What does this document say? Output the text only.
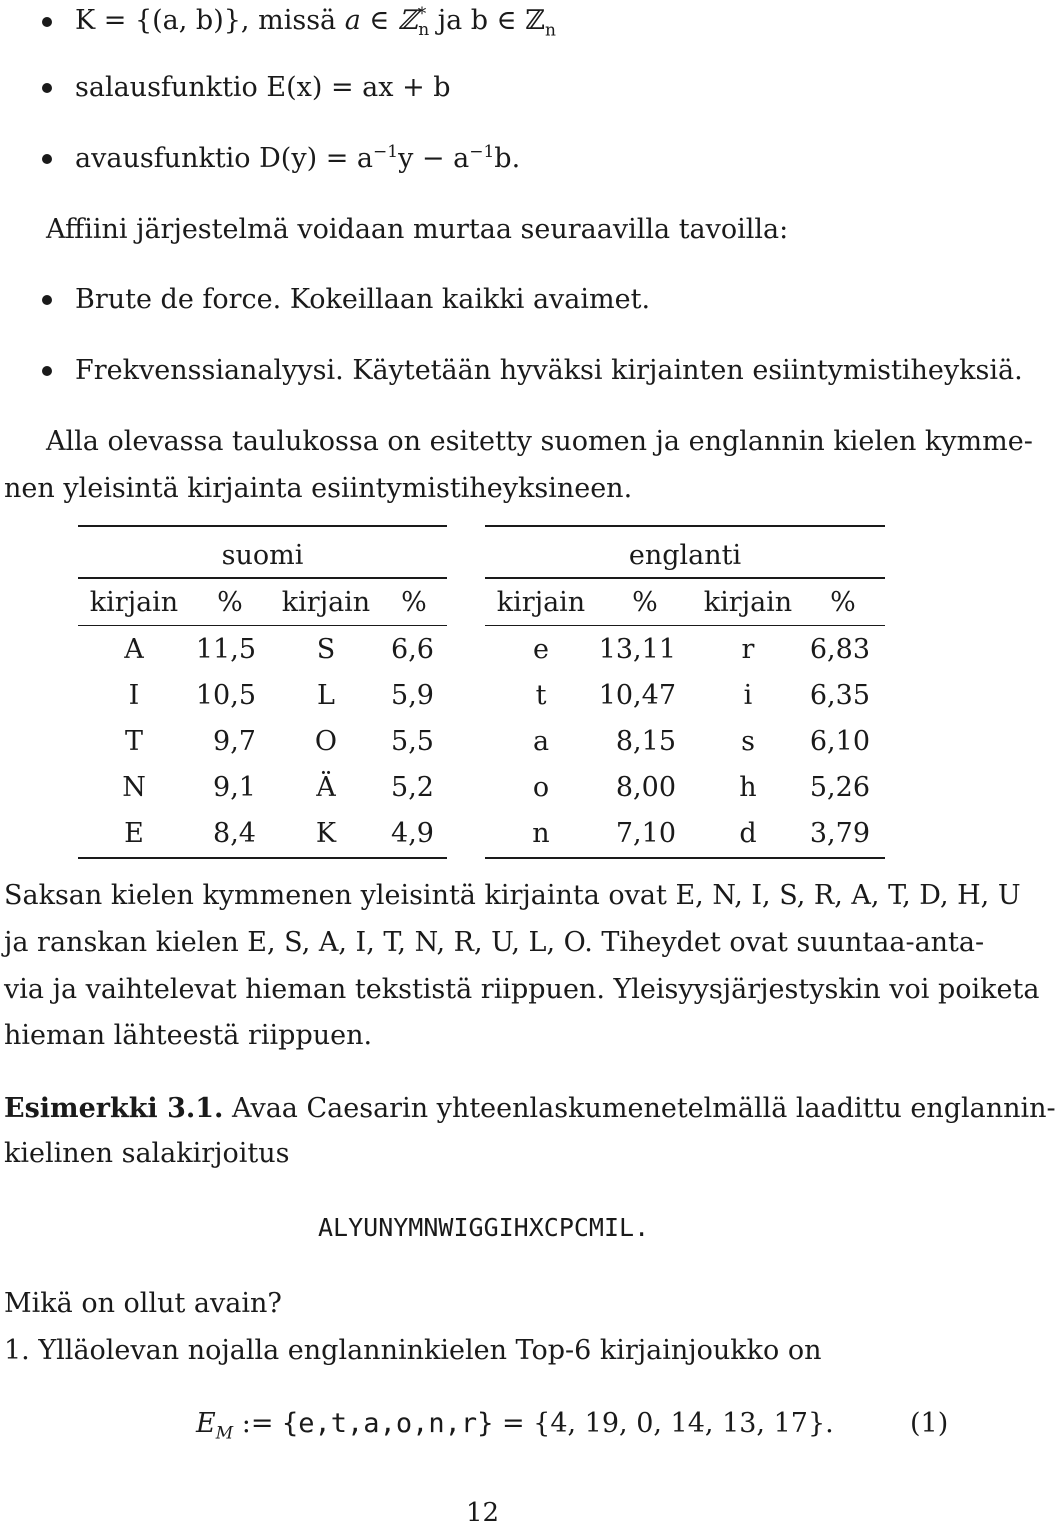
K = {(a, b)}, missä a ∈ ℤ*$_n$ ja b ∈ ℤ$_n$
salausfunktio E(x) = ax + b
avausfunktio $D(y) = a^{-1}y - a^{-1}b$.
Affiini järjestelmä voidaan murtaa seuraavilla tavoilla:
Brute de force. Kokeillaan kaikki avaimet.
Frekvenssianalyysi. Käytetään hyväksi kirjainten esiintymistiheyksiä.
Alla olevassa taulukossa on esitetty suomen ja englannin kielen kymme-
nen yleisintä kirjainta esiintymistiheyksineen.
suomi	englanti
kirjain	%	kirjain	%	kirjain	%	kirjain	%
A	11,5	S	6,6	e	13,11	r	6,83
I	10,5	L	5,9	t	10,47	i	6,35
T	9,7	O	5,5	a	8,15	s	6,10
N	9,1	Ä	5,2	o	8,00	h	5,26
E	8,4	K	4,9	n	7,10	d	3,79
Saksan kielen kymmenen yleisintä kirjainta ovat E, N, I, S, R, A, T, D, H, U
ja ranskan kielen E, S, A, I, T, N, R, U, L, O. Tiheydet ovat suuntaa-anta-
via ja vaihtelevat hieman tekstistä riippuen. Yleisyysjärjestyskin voi poiketa
hieman lähteestä riippuen.
Esimerkki 3.1. Avaa Caesarin yhteenlaskumenetelmällä laadittu englannin-
kielinen salakirjoitus
ALYUNYMNWIGGIHXCPCMIL.
Mikä on ollut avain?
1. Ylläolevan nojalla englanninkielen Top-6 kirjainjoukko on
$E_M$ := {e,t,a,o,n,r} = {4, 19, 0, 14, 13, 17}.	(1)
12
